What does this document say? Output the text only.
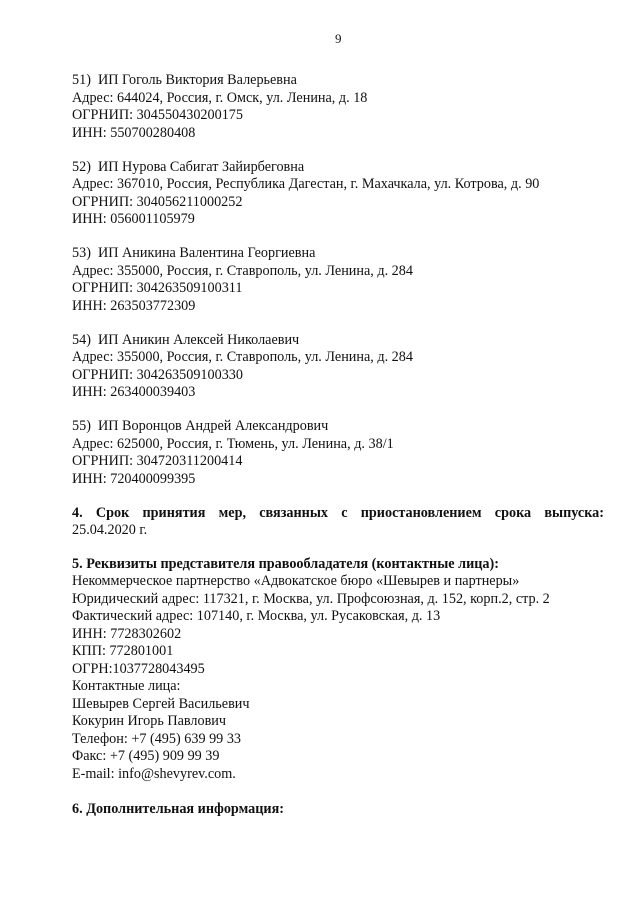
9
51) ИП Гоголь Виктория Валерьевна
Адрес: 644024, Россия, г. Омск, ул. Ленина, д. 18
ОГРНИП: 304550430200175
ИНН: 550700280408
52) ИП Нурова Сабигат Зайирбеговна
Адрес: 367010, Россия, Республика Дагестан, г. Махачкала, ул. Котрова, д. 90
ОГРНИП: 304056211000252
ИНН: 056001105979
53) ИП Аникина Валентина Георгиевна
Адрес: 355000, Россия, г. Ставрополь, ул. Ленина, д. 284
ОГРНИП: 304263509100311
ИНН: 263503772309
54) ИП Аникин Алексей Николаевич
Адрес: 355000, Россия, г. Ставрополь, ул. Ленина, д. 284
ОГРНИП: 304263509100330
ИНН: 263400039403
55) ИП Воронцов Андрей Александрович
Адрес: 625000, Россия, г. Тюмень, ул. Ленина, д. 38/1
ОГРНИП: 304720311200414
ИНН: 720400099395
4. Срок принятия мер, связанных с приостановлением срока выпуска:
25.04.2020 г.
5. Реквизиты представителя правообладателя (контактные лица):
Некоммерческое партнерство «Адвокатское бюро «Шевырев и партнеры»
Юридический адрес: 117321, г. Москва, ул. Профсоюзная, д. 152, корп.2, стр. 2
Фактический адрес: 107140, г. Москва, ул. Русаковская, д. 13
ИНН: 7728302602
КПП: 772801001
ОГРН:1037728043495
Контактные лица:
Шевырев Сергей Васильевич
Кокурин Игорь Павлович
Телефон: +7 (495) 639 99 33
Факс: +7 (495) 909 99 39
E-mail: info@shevyrev.com.
6. Дополнительная информация:
